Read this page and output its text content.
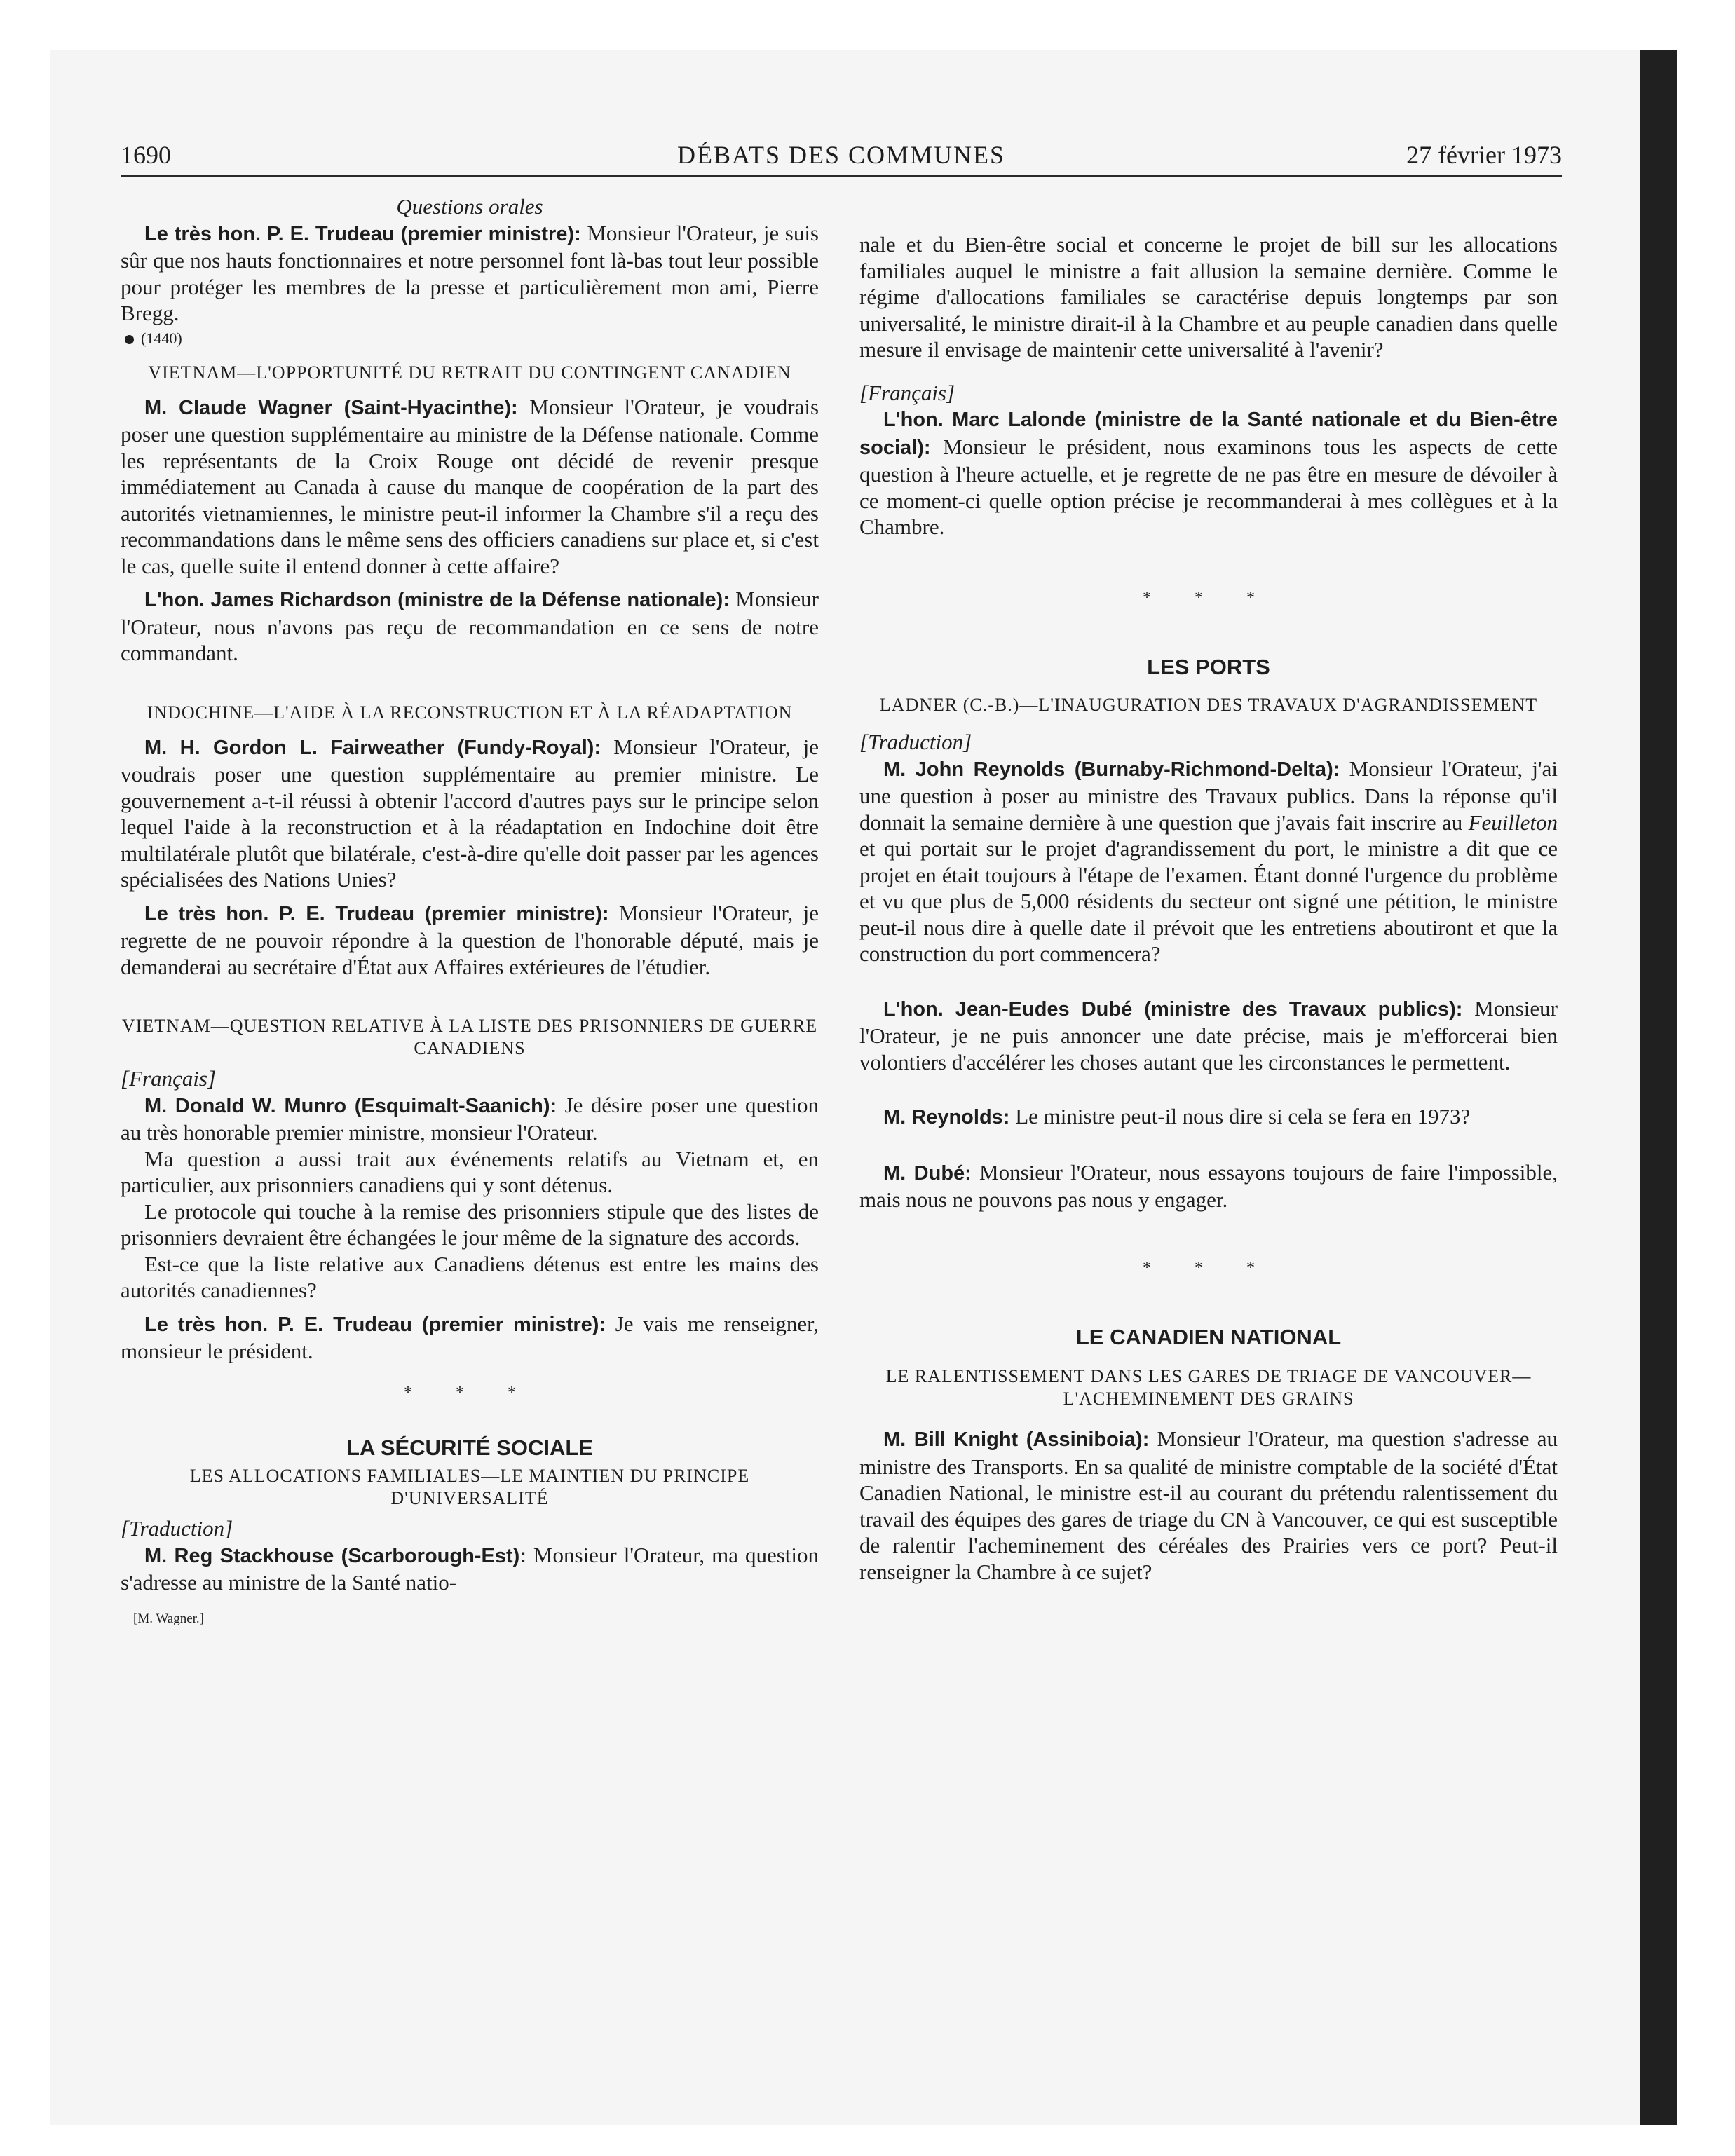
1690	DÉBATS DES COMMUNES	27 février 1973

Questions orales

Le très hon. P. E. Trudeau (premier ministre): Monsieur l'Orateur, je suis sûr que nos hauts fonctionnaires et notre personnel font là-bas tout leur possible pour protéger les membres de la presse et particulièrement mon ami, Pierre Bregg.

(1440)

VIETNAM—L'OPPORTUNITÉ DU RETRAIT DU CONTINGENT CANADIEN

M. Claude Wagner (Saint-Hyacinthe): Monsieur l'Orateur, je voudrais poser une question supplémentaire au ministre de la Défense nationale. Comme les représentants de la Croix Rouge ont décidé de revenir presque immédiatement au Canada à cause du manque de coopération de la part des autorités vietnamiennes, le ministre peut-il informer la Chambre s'il a reçu des recommandations dans le même sens des officiers canadiens sur place et, si c'est le cas, quelle suite il entend donner à cette affaire?

L'hon. James Richardson (ministre de la Défense nationale): Monsieur l'Orateur, nous n'avons pas reçu de recommandation en ce sens de notre commandant.

INDOCHINE—L'AIDE À LA RECONSTRUCTION ET À LA RÉADAPTATION

M. H. Gordon L. Fairweather (Fundy-Royal): Monsieur l'Orateur, je voudrais poser une question supplémentaire au premier ministre. Le gouvernement a-t-il réussi à obtenir l'accord d'autres pays sur le principe selon lequel l'aide à la reconstruction et à la réadaptation en Indochine doit être multilatérale plutôt que bilatérale, c'est-à-dire qu'elle doit passer par les agences spécialisées des Nations Unies?

Le très hon. P. E. Trudeau (premier ministre): Monsieur l'Orateur, je regrette de ne pouvoir répondre à la question de l'honorable député, mais je demanderai au secrétaire d'État aux Affaires extérieures de l'étudier.

VIETNAM—QUESTION RELATIVE À LA LISTE DES PRISONNIERS DE GUERRE CANADIENS

[Français]

M. Donald W. Munro (Esquimalt-Saanich): Je désire poser une question au très honorable premier ministre, monsieur l'Orateur.

Ma question a aussi trait aux événements relatifs au Vietnam et, en particulier, aux prisonniers canadiens qui y sont détenus.

Le protocole qui touche à la remise des prisonniers stipule que des listes de prisonniers devraient être échangées le jour même de la signature des accords.

Est-ce que la liste relative aux Canadiens détenus est entre les mains des autorités canadiennes?

Le très hon. P. E. Trudeau (premier ministre): Je vais me renseigner, monsieur le président.

* * *

LA SÉCURITÉ SOCIALE

LES ALLOCATIONS FAMILIALES—LE MAINTIEN DU PRINCIPE D'UNIVERSALITÉ

[Traduction]

M. Reg Stackhouse (Scarborough-Est): Monsieur l'Orateur, ma question s'adresse au ministre de la Santé natio-

[M. Wagner.]

nale et du Bien-être social et concerne le projet de bill sur les allocations familiales auquel le ministre a fait allusion la semaine dernière. Comme le régime d'allocations familiales se caractérise depuis longtemps par son universalité, le ministre dirait-il à la Chambre et au peuple canadien dans quelle mesure il envisage de maintenir cette universalité à l'avenir?

[Français]

L'hon. Marc Lalonde (ministre de la Santé nationale et du Bien-être social): Monsieur le président, nous examinons tous les aspects de cette question à l'heure actuelle, et je regrette de ne pas être en mesure de dévoiler à ce moment-ci quelle option précise je recommanderai à mes collègues et à la Chambre.

* * *

LES PORTS

LADNER (C.-B.)—L'INAUGURATION DES TRAVAUX D'AGRANDISSEMENT

[Traduction]

M. John Reynolds (Burnaby-Richmond-Delta): Monsieur l'Orateur, j'ai une question à poser au ministre des Travaux publics. Dans la réponse qu'il donnait la semaine dernière à une question que j'avais fait inscrire au Feuilleton et qui portait sur le projet d'agrandissement du port, le ministre a dit que ce projet en était toujours à l'étape de l'examen. Étant donné l'urgence du problème et vu que plus de 5,000 résidents du secteur ont signé une pétition, le ministre peut-il nous dire à quelle date il prévoit que les entretiens aboutiront et que la construction du port commencera?

L'hon. Jean-Eudes Dubé (ministre des Travaux publics): Monsieur l'Orateur, je ne puis annoncer une date précise, mais je m'efforcerai bien volontiers d'accélérer les choses autant que les circonstances le permettent.

M. Reynolds: Le ministre peut-il nous dire si cela se fera en 1973?

M. Dubé: Monsieur l'Orateur, nous essayons toujours de faire l'impossible, mais nous ne pouvons pas nous y engager.

* * *

LE CANADIEN NATIONAL

LE RALENTISSEMENT DANS LES GARES DE TRIAGE DE VANCOUVER—L'ACHEMINEMENT DES GRAINS

M. Bill Knight (Assiniboia): Monsieur l'Orateur, ma question s'adresse au ministre des Transports. En sa qualité de ministre comptable de la société d'État Canadien National, le ministre est-il au courant du prétendu ralentissement du travail des équipes des gares de triage du CN à Vancouver, ce qui est susceptible de ralentir l'acheminement des céréales des Prairies vers ce port? Peut-il renseigner la Chambre à ce sujet?
